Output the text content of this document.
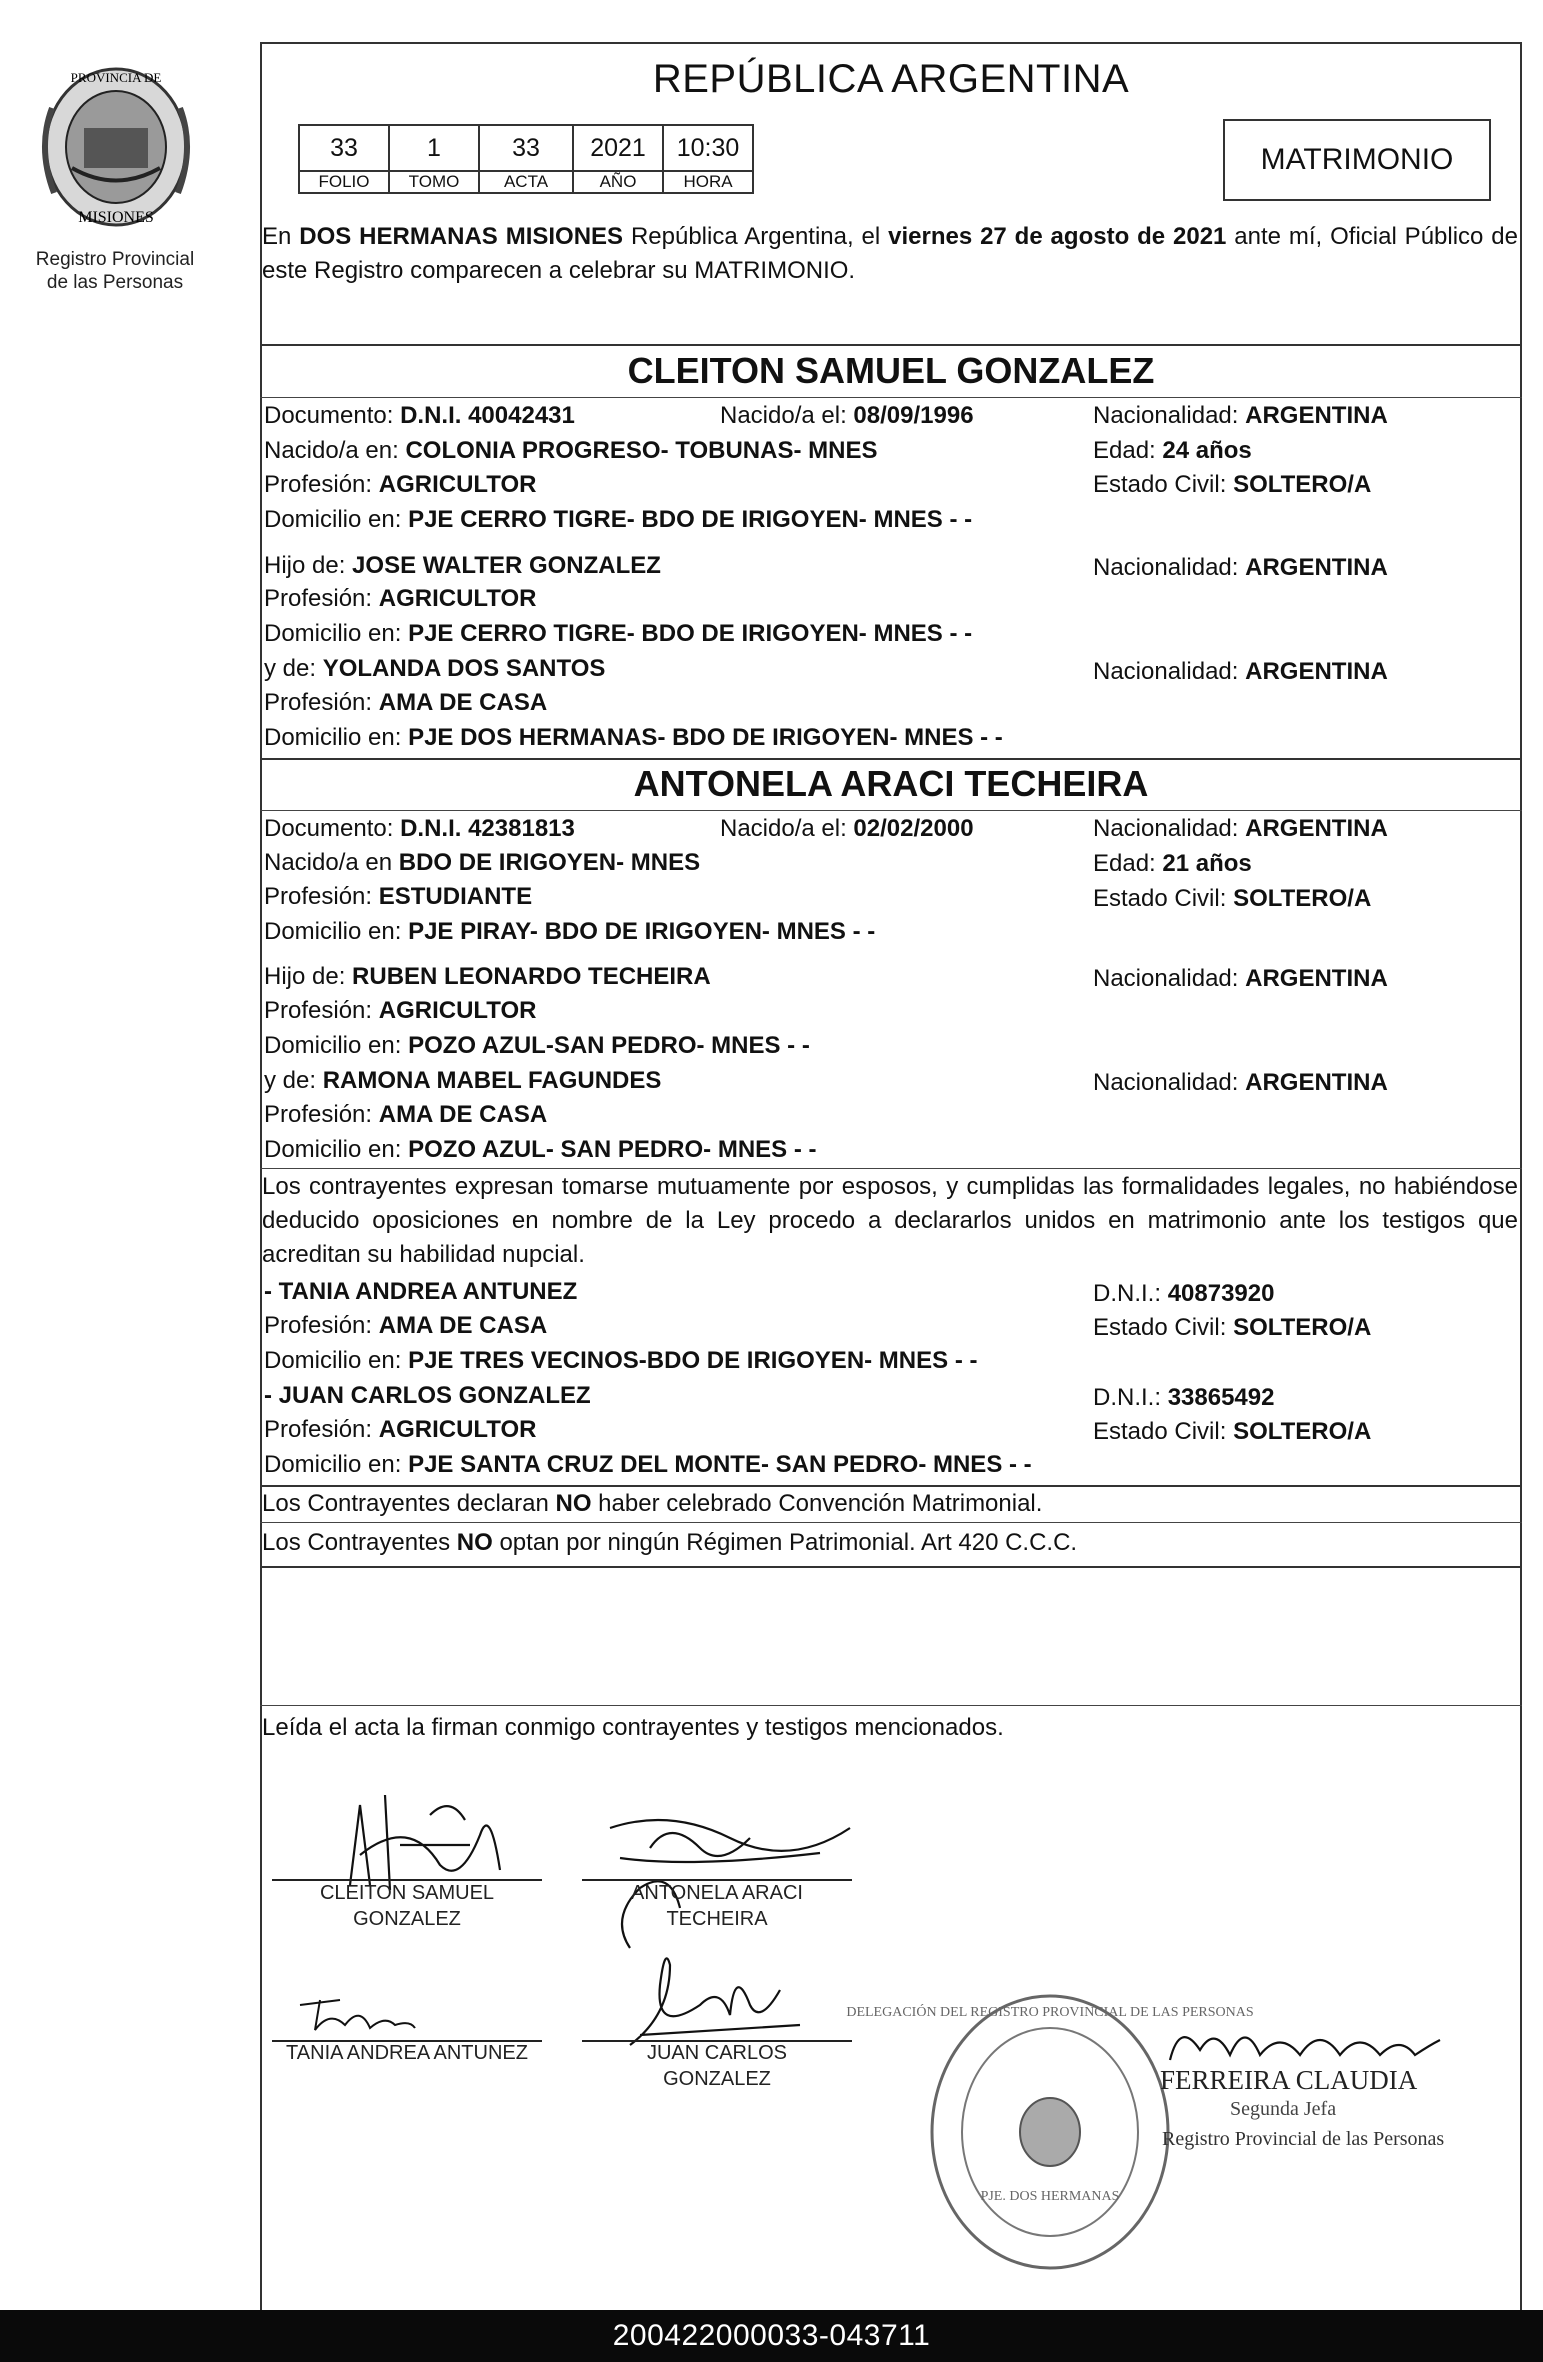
PROVINCIA DE
MISIONES
Registro Provincial
de las Personas
REPÚBLICA ARGENTINA
33	1	33	2021	10:30
FOLIO	TOMO	ACTA	AÑO	HORA
MATRIMONIO
En DOS HERMANAS MISIONES República Argentina, el viernes 27 de agosto de 2021 ante mí, Oficial Público de este Registro comparecen a celebrar su MATRIMONIO.
CLEITON SAMUEL GONZALEZ
Documento: D.N.I. 40042431	Nacido/a el: 08/09/1996	Nacionalidad: ARGENTINA
Nacido/a en: COLONIA PROGRESO- TOBUNAS- MNES	Edad: 24 años
Profesión: AGRICULTOR	Estado Civil: SOLTERO/A
Domicilio en: PJE CERRO TIGRE- BDO DE IRIGOYEN- MNES - -
Hijo de: JOSE WALTER GONZALEZ	Nacionalidad: ARGENTINA
Profesión: AGRICULTOR
Domicilio en: PJE CERRO TIGRE- BDO DE IRIGOYEN- MNES - -
y de: YOLANDA DOS SANTOS	Nacionalidad: ARGENTINA
Profesión: AMA DE CASA
Domicilio en: PJE DOS HERMANAS- BDO DE IRIGOYEN- MNES - -
ANTONELA ARACI TECHEIRA
Documento: D.N.I. 42381813	Nacido/a el: 02/02/2000	Nacionalidad: ARGENTINA
Nacido/a en BDO DE IRIGOYEN- MNES	Edad: 21 años
Profesión: ESTUDIANTE	Estado Civil: SOLTERO/A
Domicilio en: PJE PIRAY- BDO DE IRIGOYEN- MNES - -
Hijo de: RUBEN LEONARDO TECHEIRA	Nacionalidad: ARGENTINA
Profesión: AGRICULTOR
Domicilio en: POZO AZUL-SAN PEDRO- MNES - -
y de: RAMONA MABEL FAGUNDES	Nacionalidad: ARGENTINA
Profesión: AMA DE CASA
Domicilio en: POZO AZUL- SAN PEDRO- MNES - -
Los contrayentes expresan tomarse mutuamente por esposos, y cumplidas las formalidades legales, no habiéndose deducido oposiciones en nombre de la Ley procedo a declararlos unidos en matrimonio ante los testigos que acreditan su habilidad nupcial.
- TANIA ANDREA ANTUNEZ	D.N.I.: 40873920
Profesión: AMA DE CASA	Estado Civil: SOLTERO/A
Domicilio en: PJE TRES VECINOS-BDO DE IRIGOYEN- MNES - -
- JUAN CARLOS GONZALEZ	D.N.I.: 33865492
Profesión: AGRICULTOR	Estado Civil: SOLTERO/A
Domicilio en: PJE SANTA CRUZ DEL MONTE- SAN PEDRO- MNES - -
Los Contrayentes declaran NO haber celebrado Convención Matrimonial.
Los Contrayentes NO optan por ningún Régimen Patrimonial. Art 420 C.C.C.
Leída el acta la firman conmigo contrayentes y testigos mencionados.
CLEITON SAMUEL
GONZALEZ
ANTONELA ARACI
TECHEIRA
TANIA ANDREA ANTUNEZ	JUAN CARLOS
GONZALEZ
DELEGACIÓN DEL REGISTRO PROVINCIAL DE LAS PERSONAS
PJE. DOS HERMANAS
FERREIRA CLAUDIA
Segunda Jefa
Registro Provincial de las Personas
200422000033-043711
